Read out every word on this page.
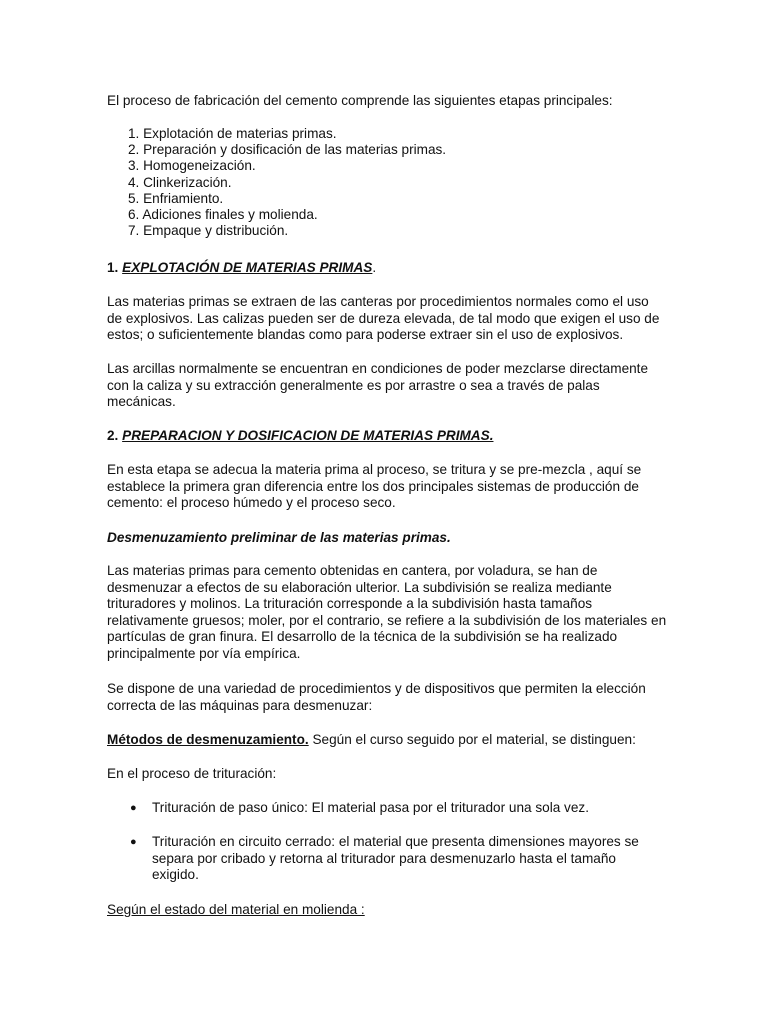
El proceso de fabricación del cemento comprende las siguientes etapas principales:

1. Explotación de materias primas.
2. Preparación y dosificación de las materias primas.
3. Homogeneización.
4. Clinkerización.
5. Enfriamiento.
6. Adiciones finales y molienda.
7. Empaque y distribución.

1. EXPLOTACIÓN DE MATERIAS PRIMAS.

Las materias primas se extraen de las canteras por procedimientos normales como el uso de explosivos. Las calizas pueden ser de dureza elevada, de tal modo que exigen el uso de estos; o suficientemente blandas como para poderse extraer sin el uso de explosivos.

Las arcillas normalmente se encuentran en condiciones de poder mezclarse directamente con la caliza y su extracción generalmente es por arrastre o sea a través de palas mecánicas.

2. PREPARACION Y DOSIFICACION DE MATERIAS PRIMAS.

En esta etapa se adecua la materia prima al proceso, se tritura y se pre-mezcla , aquí se establece la primera gran diferencia entre los dos principales sistemas de producción de cemento: el proceso húmedo y el proceso seco.

Desmenuzamiento preliminar de las materias primas.

Las materias primas para cemento obtenidas en cantera, por voladura, se han de desmenuzar a efectos de su elaboración ulterior. La subdivisión se realiza mediante trituradores y molinos. La trituración corresponde a la subdivisión hasta tamaños relativamente gruesos; moler, por el contrario, se refiere a la subdivisión de los materiales en partículas de gran finura. El desarrollo de la técnica de la subdivisión se ha realizado principalmente por vía empírica.

Se dispone de una variedad de procedimientos y de dispositivos que permiten la elección correcta de las máquinas para desmenuzar:

Métodos de desmenuzamiento. Según el curso seguido por el material, se distinguen:

En el proceso de trituración:

● Trituración de paso único: El material pasa por el triturador una sola vez.
● Trituración en circuito cerrado: el material que presenta dimensiones mayores se separa por cribado y retorna al triturador para desmenuzarlo hasta el tamaño exigido.

Según el estado del material en molienda :
